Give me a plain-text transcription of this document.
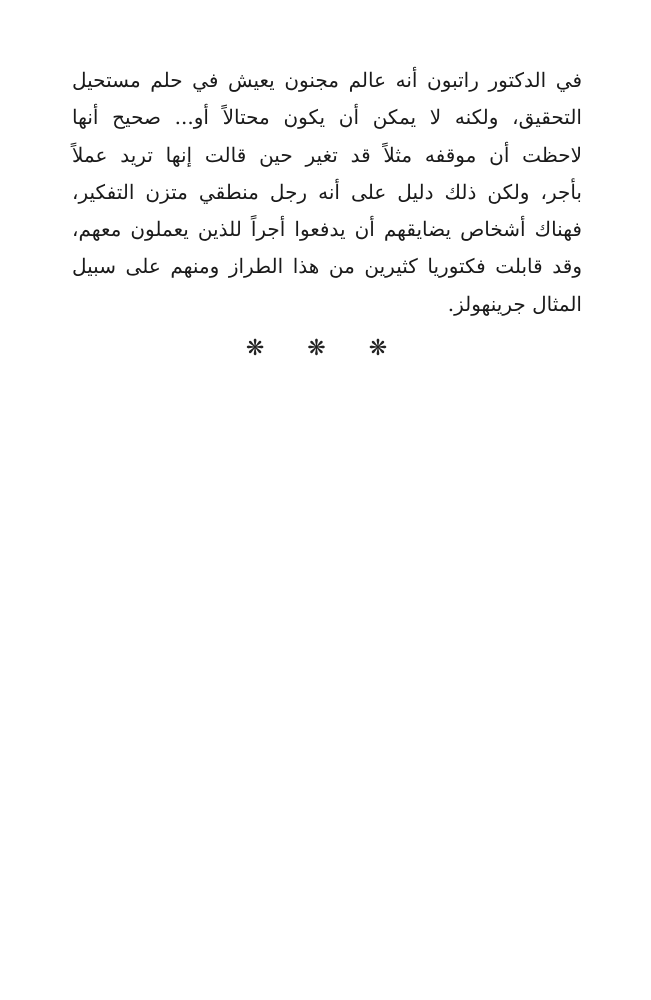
في الدكتور راتبون أنه عالم مجنون يعيش في حلم مستحيل
التحقيق، ولكنه لا يمكن أن يكون محتالاً أو... صحيح أنها
لاحظت أن موقفه مثلاً قد تغير حين قالت إنها تريد عملاً
بأجر، ولكن ذلك دليل على أنه رجل منطقي متزن التفكير،
فهناك أشخاص يضايقهم أن يدفعوا أجراً للذين يعملون معهم،
وقد قابلت فكتوريا كثيرين من هذا الطراز ومنهم على سبيل
المثال جرينهولز.
❋ ❋ ❋
